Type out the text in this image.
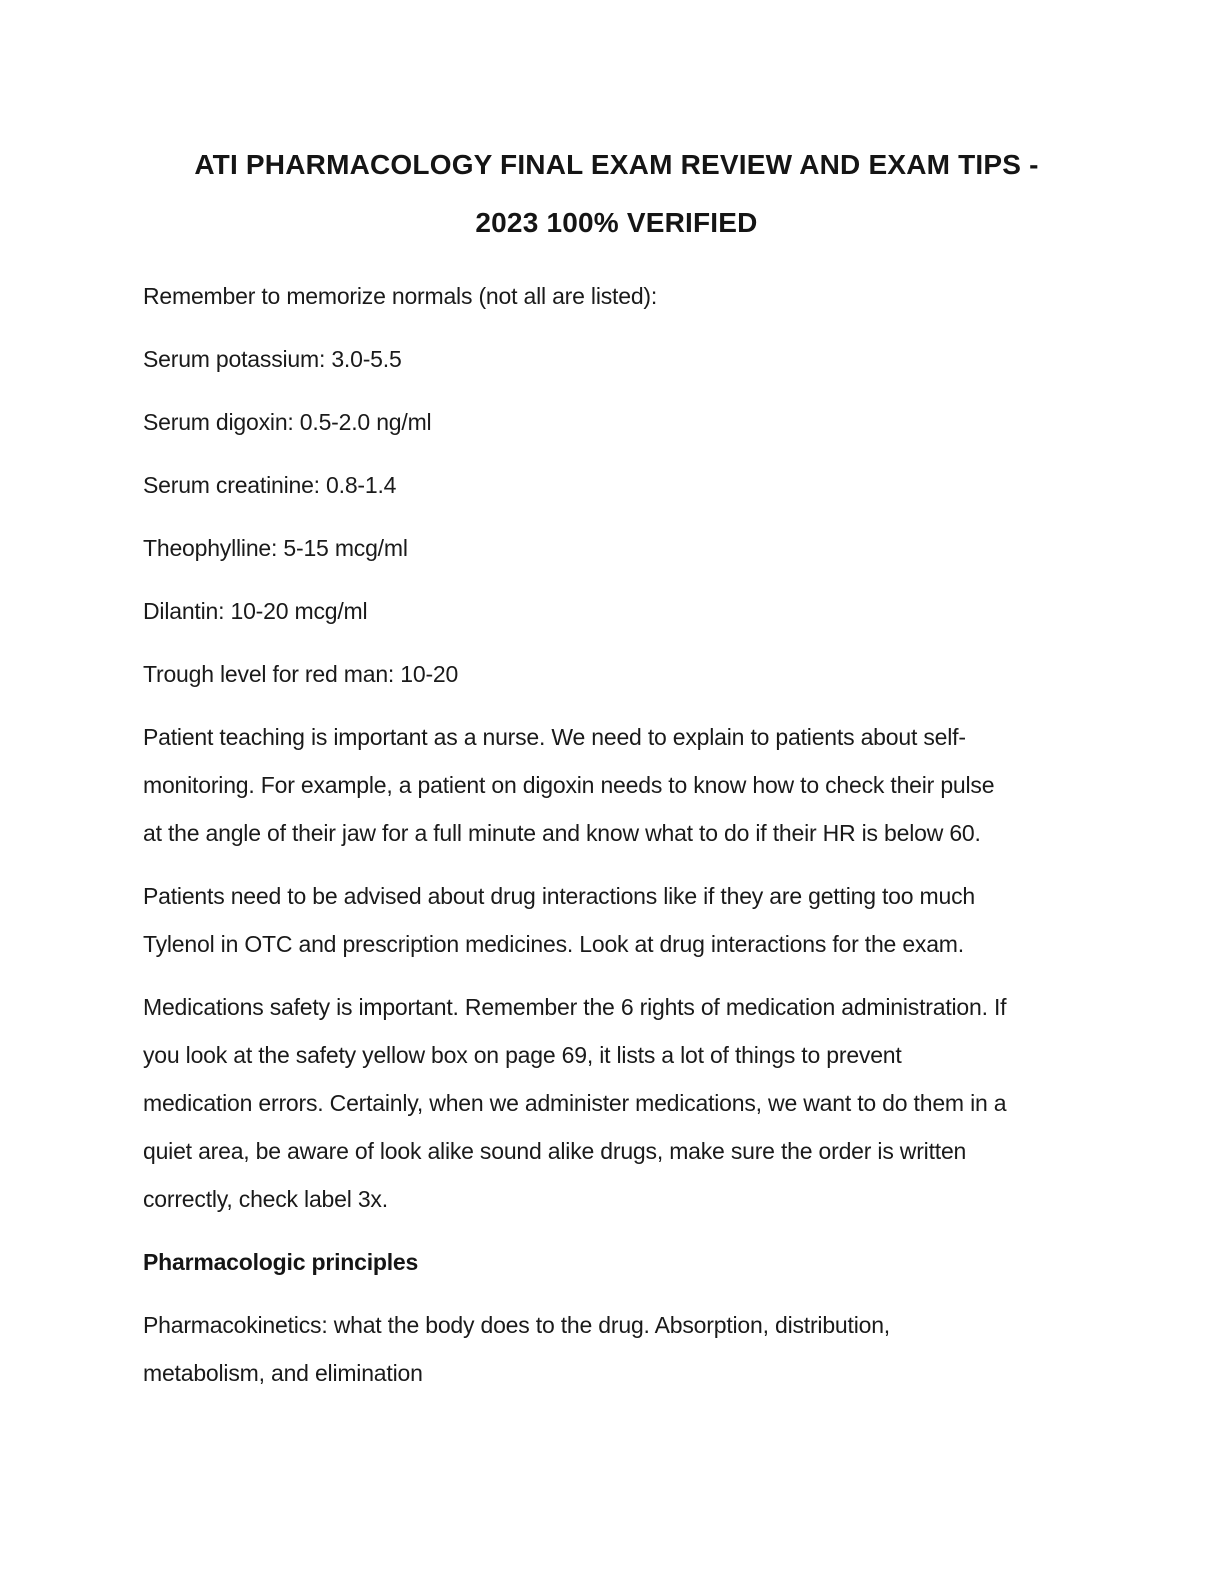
ATI PHARMACOLOGY FINAL EXAM REVIEW AND EXAM TIPS -
2023 100% VERIFIED

Remember to memorize normals (not all are listed):

Serum potassium: 3.0-5.5

Serum digoxin: 0.5-2.0 ng/ml

Serum creatinine: 0.8-1.4

Theophylline: 5-15 mcg/ml

Dilantin: 10-20 mcg/ml

Trough level for red man: 10-20

Patient teaching is important as a nurse. We need to explain to patients about self-
monitoring. For example, a patient on digoxin needs to know how to check their pulse
at the angle of their jaw for a full minute and know what to do if their HR is below 60.

Patients need to be advised about drug interactions like if they are getting too much
Tylenol in OTC and prescription medicines. Look at drug interactions for the exam.

Medications safety is important. Remember the 6 rights of medication administration. If
you look at the safety yellow box on page 69, it lists a lot of things to prevent
medication errors. Certainly, when we administer medications, we want to do them in a
quiet area, be aware of look alike sound alike drugs, make sure the order is written
correctly, check label 3x.

Pharmacologic principles

Pharmacokinetics: what the body does to the drug. Absorption, distribution,
metabolism, and elimination
